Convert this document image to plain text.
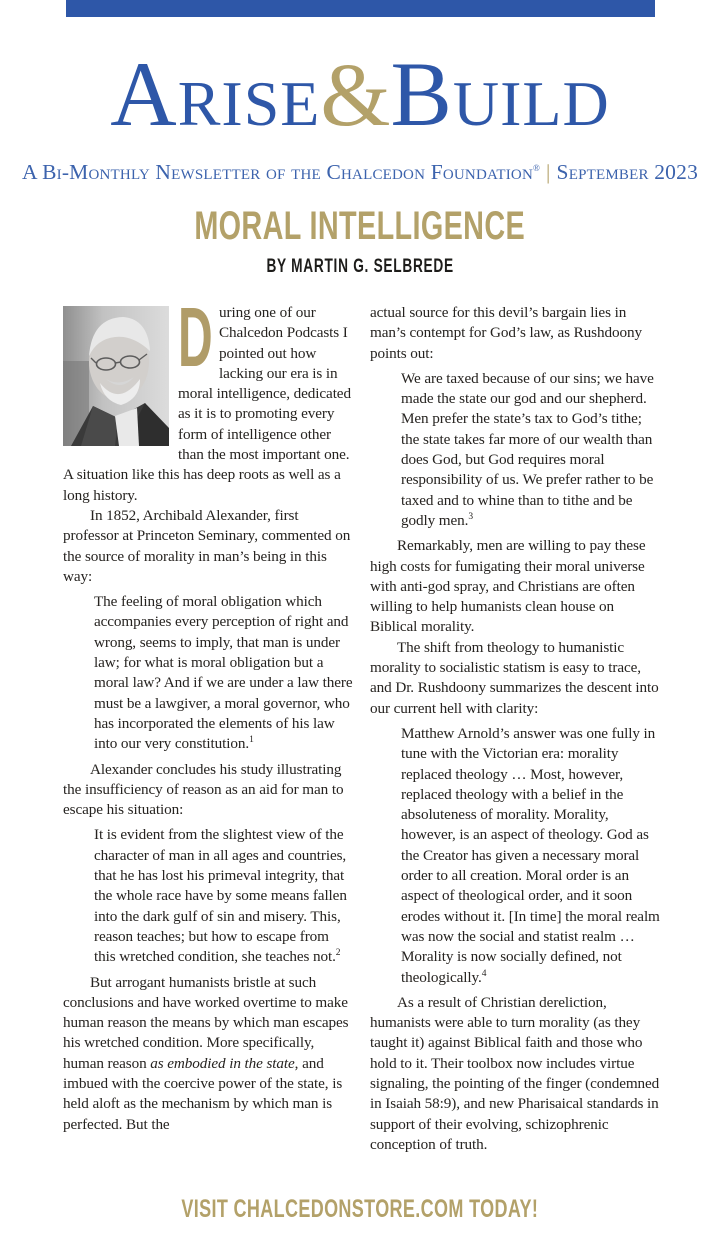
Arise&Build
A Bi-Monthly Newsletter of the Chalcedon Foundation® | September 2023
MORAL INTELLIGENCE
BY MARTIN G. SELBREDE

During one of our Chalcedon Podcasts I pointed out how lacking our era is in moral intelligence, dedicated as it is to promoting every form of intelligence other than the most important one. A situation like this has deep roots as well as a long history.

In 1852, Archibald Alexander, first professor at Princeton Seminary, commented on the source of morality in man’s being in this way:

The feeling of moral obligation which accompanies every perception of right and wrong, seems to imply, that man is under law; for what is moral obligation but a moral law? And if we are under a law there must be a lawgiver, a moral governor, who has incorporated the elements of his law into our very constitution.$^1$

Alexander concludes his study illustrating the insufficiency of reason as an aid for man to escape his situation:

It is evident from the slightest view of the character of man in all ages and countries, that he has lost his primeval integrity, that the whole race have by some means fallen into the dark gulf of sin and misery. This, reason teaches; but how to escape from this wretched condition, she teaches not.$^2$

But arrogant humanists bristle at such conclusions and have worked overtime to make human reason the means by which man escapes his wretched condition. More specifically, human reason as embodied in the state, and imbued with the coercive power of the state, is held aloft as the mechanism by which man is perfected. But the

actual source for this devil’s bargain lies in man’s contempt for God’s law, as Rushdoony points out:

We are taxed because of our sins; we have made the state our god and our shepherd. Men prefer the state’s tax to God’s tithe; the state takes far more of our wealth than does God, but God requires moral responsibility of us. We prefer rather to be taxed and to whine than to tithe and be godly men.$^3$

Remarkably, men are willing to pay these high costs for fumigating their moral universe with anti-god spray, and Christians are often willing to help humanists clean house on Biblical morality.

The shift from theology to humanistic morality to socialistic statism is easy to trace, and Dr. Rushdoony summarizes the descent into our current hell with clarity:

Matthew Arnold’s answer was one fully in tune with the Victorian era: morality replaced theology … Most, however, replaced theology with a belief in the absoluteness of morality. Morality, however, is an aspect of theology. God as the Creator has given a necessary moral order to all creation. Moral order is an aspect of theological order, and it soon erodes without it. [In time] the moral realm was now the social and statist realm … Morality is now socially defined, not theologically.$^4$

As a result of Christian dereliction, humanists were able to turn morality (as they taught it) against Biblical faith and those who hold to it. Their toolbox now includes virtue signaling, the pointing of the finger (condemned in Isaiah 58:9), and new Pharisaical standards in support of their evolving, schizophrenic conception of truth.

VISIT CHALCEDONSTORE.COM TODAY!
